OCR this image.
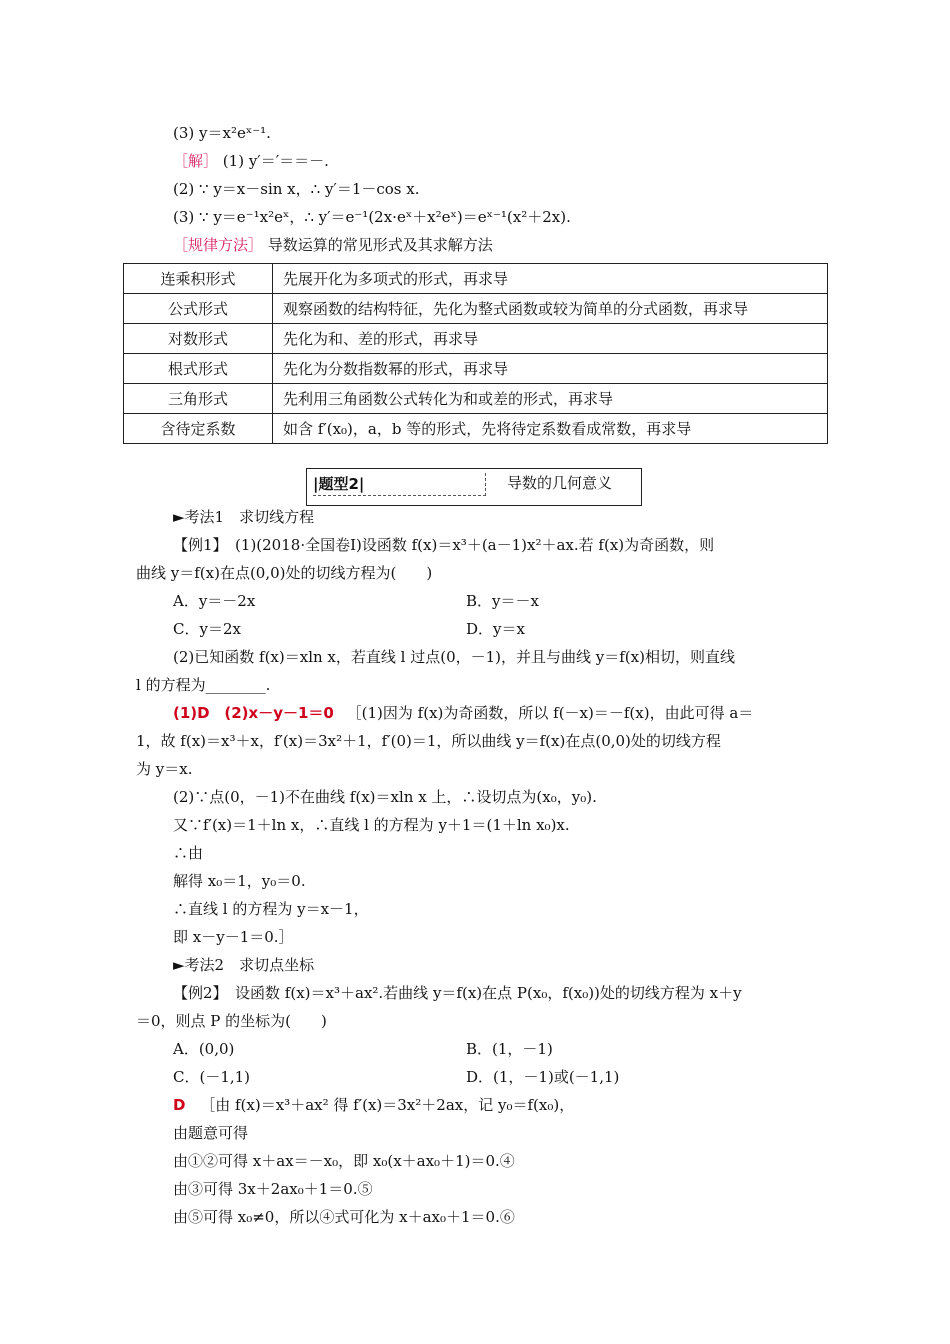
(3) y＝x²eˣ⁻¹.
［解］ (1) y′＝′＝＝－.
(2) ∵ y＝x－sin x，∴ y′＝1－cos x.
(3) ∵ y＝e⁻¹x²eˣ，∴ y′＝e⁻¹(2x·eˣ＋x²eˣ)＝eˣ⁻¹(x²＋2x).
［规律方法］ 导数运算的常见形式及其求解方法
连乘积形式	先展开化为多项式的形式，再求导
公式形式	观察函数的结构特征，先化为整式函数或较为简单的分式函数，再求导
对数形式	先化为和、差的形式，再求导
根式形式	先化为分数指数幂的形式，再求导
三角形式	先利用三角函数公式转化为和或差的形式，再求导
含待定系数	如含 f′(x₀)，a，b 等的形式，先将待定系数看成常数，再求导
|题型2|	导数的几何意义
►考法1　求切线方程
【例1】　(1)(2018·全国卷Ⅰ)设函数 f(x)＝x³＋(a－1)x²＋ax.若 f(x)为奇函数，则
曲线 y＝f(x)在点(0,0)处的切线方程为(　　)
A．y＝－2x	B．y＝－x
C．y＝2x	D．y＝x
(2)已知函数 f(x)＝xln x，若直线 l 过点(0，－1)，并且与曲线 y＝f(x)相切，则直线
l 的方程为________.
(1)D (2)x－y－1＝0 ［(1)因为 f(x)为奇函数，所以 f(－x)＝－f(x)，由此可得 a＝
1，故 f(x)＝x³＋x，f′(x)＝3x²＋1，f′(0)＝1，所以曲线 y＝f(x)在点(0,0)处的切线方程
为 y＝x.
(2)∵点(0，－1)不在曲线 f(x)＝xln x 上，∴设切点为(x₀，y₀).
又∵f′(x)＝1＋ln x，∴直线 l 的方程为 y＋1＝(1＋ln x₀)x.
∴由
解得 x₀＝1，y₀＝0.
∴直线 l 的方程为 y＝x－1，
即 x－y－1＝0.］
►考法2　求切点坐标
【例2】　设函数 f(x)＝x³＋ax².若曲线 y＝f(x)在点 P(x₀，f(x₀))处的切线方程为 x＋y
＝0，则点 P 的坐标为(　　)
A．(0,0)	B．(1，－1)
C．(－1,1)	D．(1，－1)或(－1,1)
D ［由 f(x)＝x³＋ax² 得 f′(x)＝3x²＋2ax，记 y₀＝f(x₀)，
由题意可得
由①②可得 x＋ax＝－x₀，即 x₀(x＋ax₀＋1)＝0.④
由③可得 3x＋2ax₀＋1＝0.⑤
由⑤可得 x₀≠0，所以④式可化为 x＋ax₀＋1＝0.⑥
